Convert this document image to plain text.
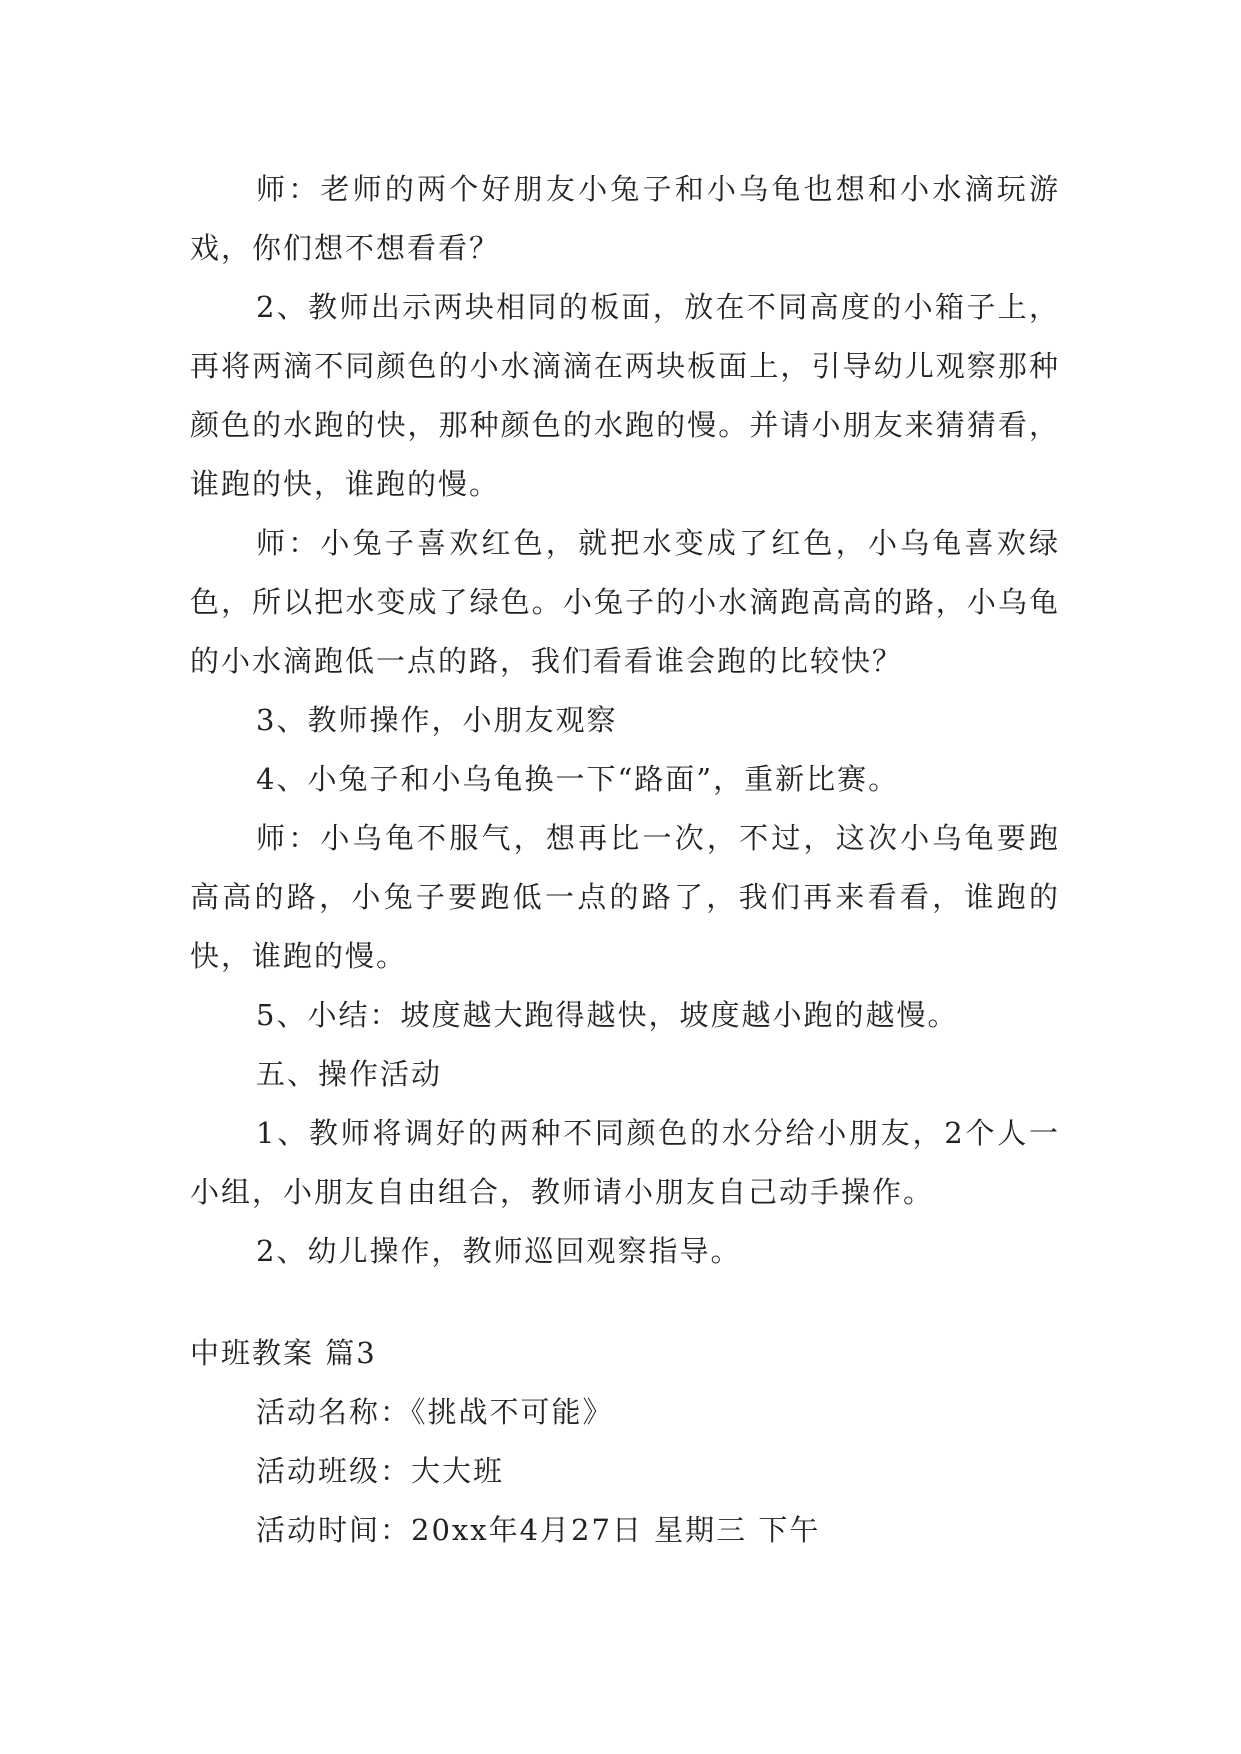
师：老师的两个好朋友小兔子和小乌龟也想和小水滴玩游戏，你们想不想看看？

2、教师出示两块相同的板面，放在不同高度的小箱子上，再将两滴不同颜色的小水滴滴在两块板面上，引导幼儿观察那种颜色的水跑的快，那种颜色的水跑的慢。并请小朋友来猜猜看，谁跑的快，谁跑的慢。

师：小兔子喜欢红色，就把水变成了红色，小乌龟喜欢绿色，所以把水变成了绿色。小兔子的小水滴跑高高的路，小乌龟的小水滴跑低一点的路，我们看看谁会跑的比较快？

3、教师操作，小朋友观察

4、小兔子和小乌龟换一下“路面”，重新比赛。

师：小乌龟不服气，想再比一次，不过，这次小乌龟要跑高高的路，小兔子要跑低一点的路了，我们再来看看，谁跑的快，谁跑的慢。

5、小结：坡度越大跑得越快，坡度越小跑的越慢。

五、操作活动

1、教师将调好的两种不同颜色的水分给小朋友，2个人一小组，小朋友自由组合，教师请小朋友自己动手操作。

2、幼儿操作，教师巡回观察指导。

中班教案 篇3

活动名称：《挑战不可能》

活动班级：大大班

活动时间：20xx年4月27日 星期三 下午
